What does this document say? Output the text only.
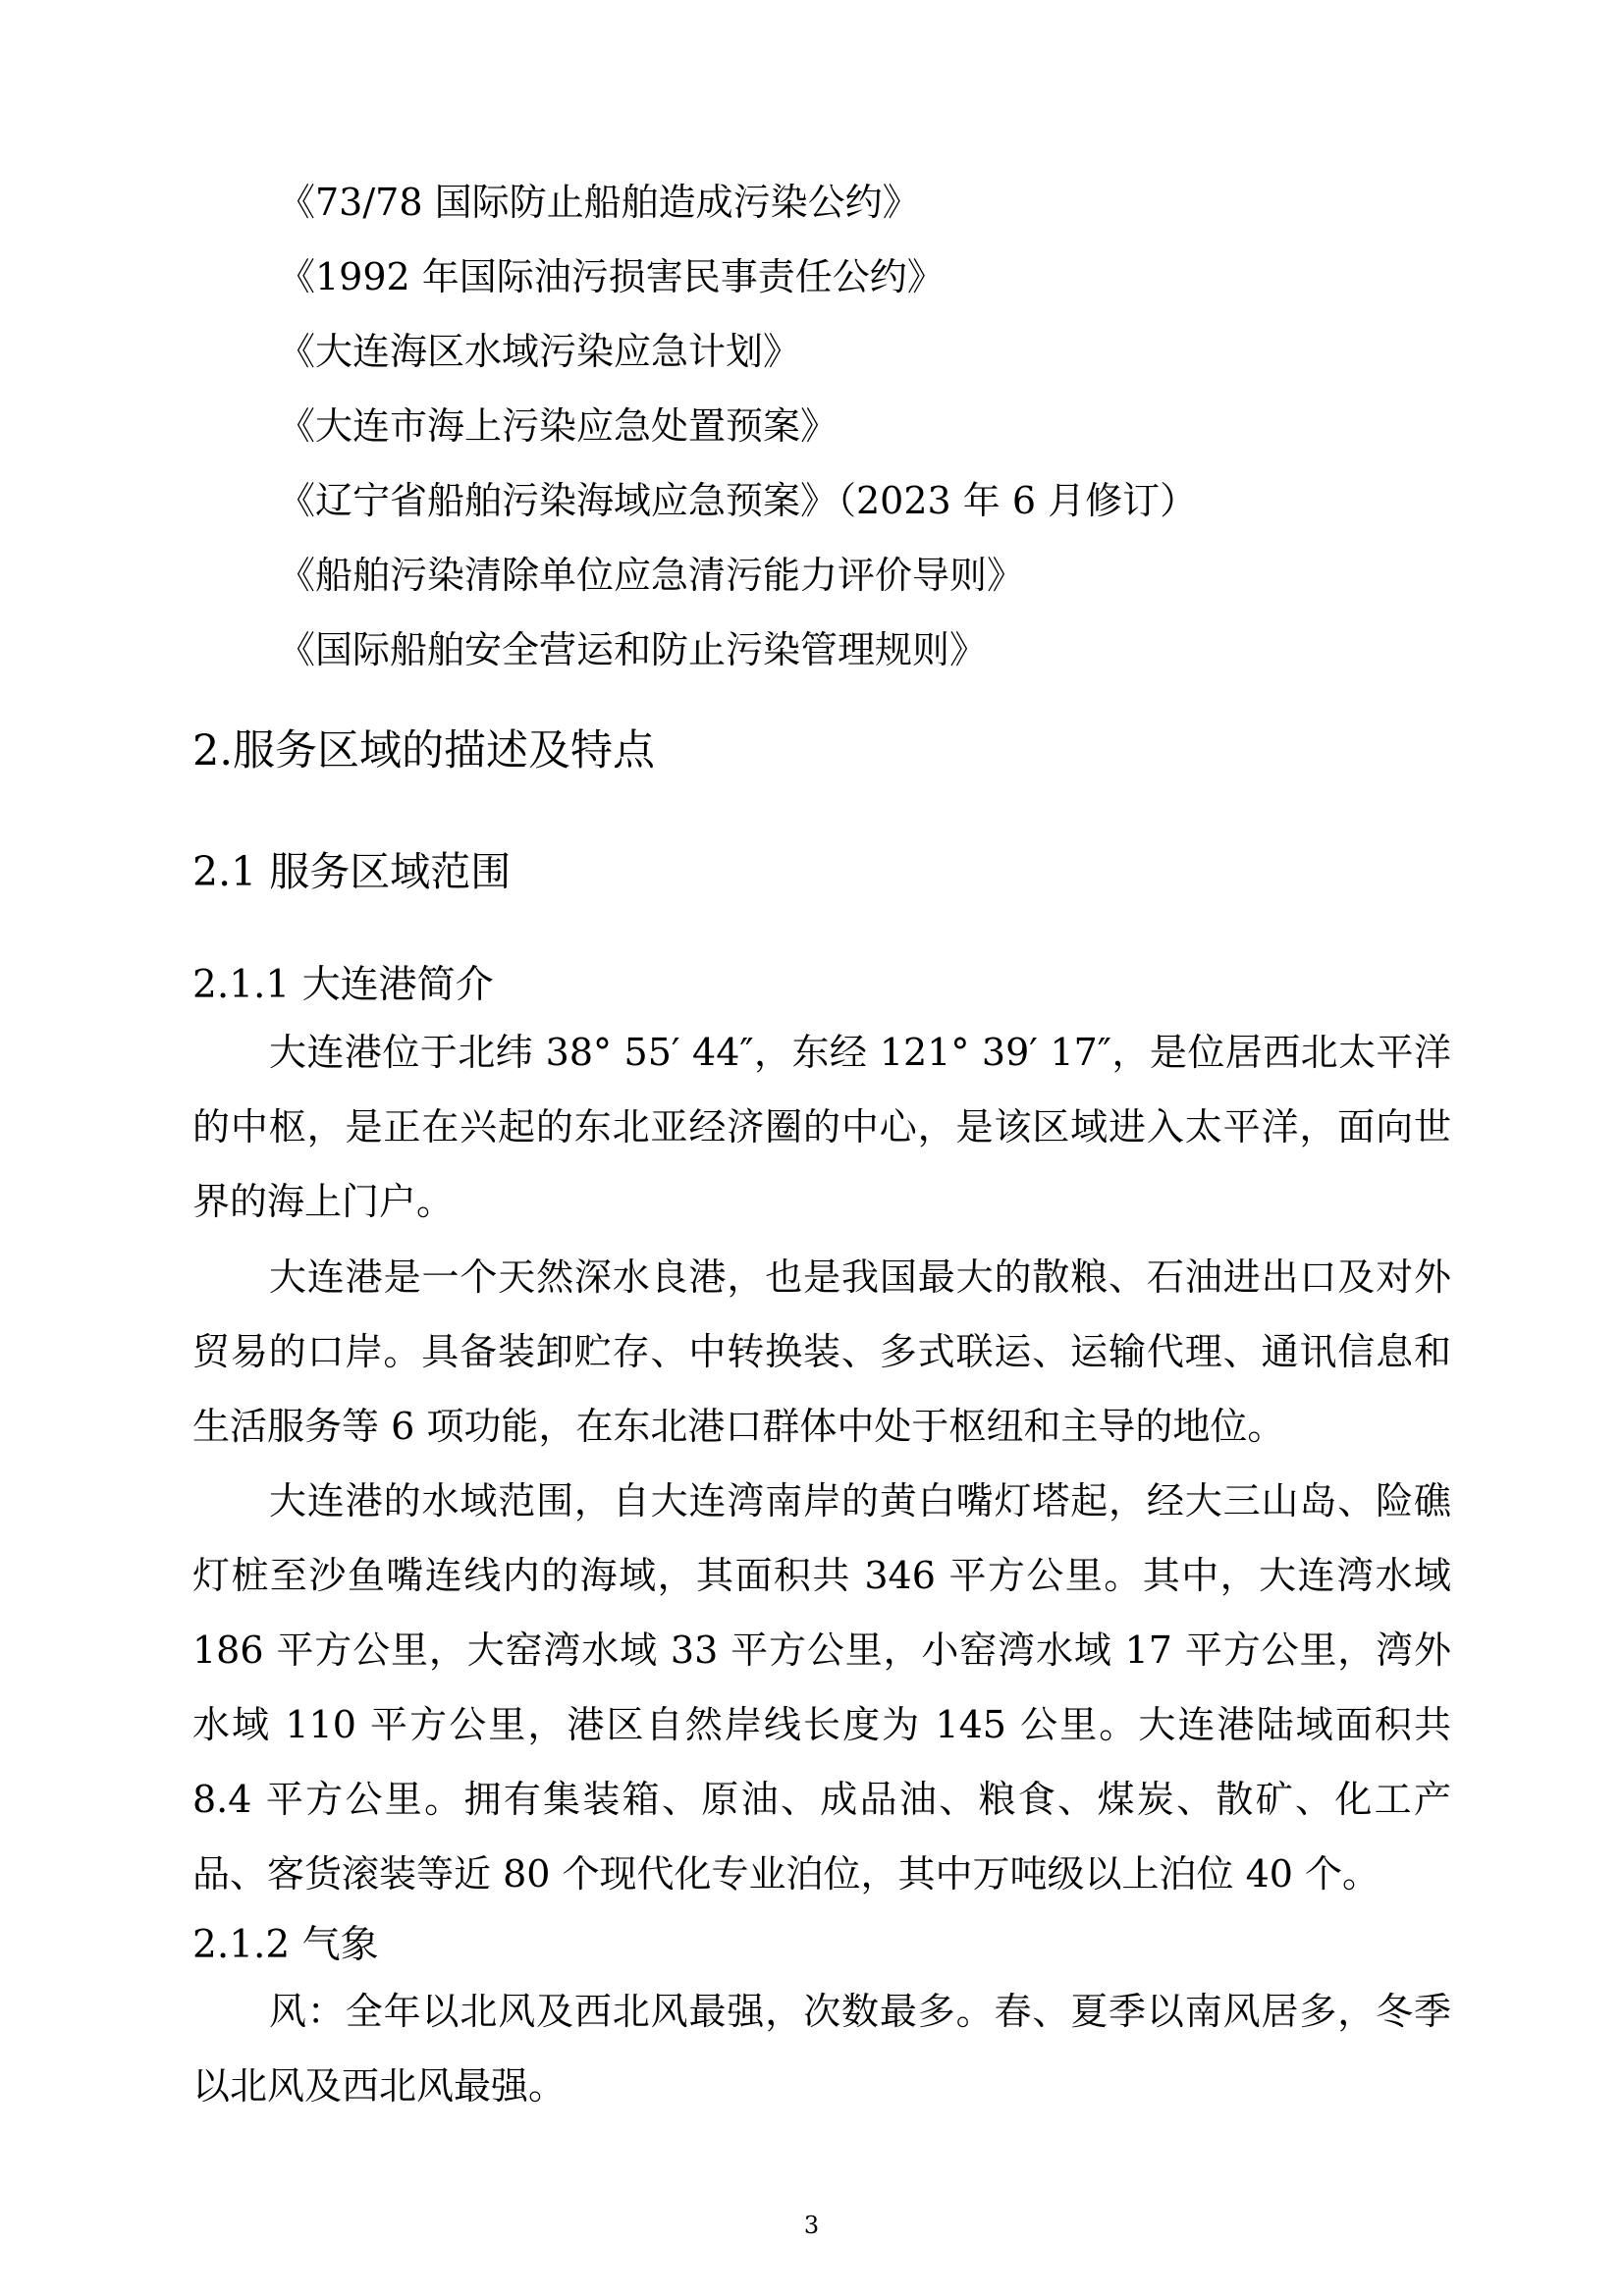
《73/78 国际防止船舶造成污染公约》
《1992 年国际油污损害民事责任公约》
《大连海区水域污染应急计划》
《大连市海上污染应急处置预案》
《辽宁省船舶污染海域应急预案》（2023 年 6 月修订）
《船舶污染清除单位应急清污能力评价导则》
《国际船舶安全营运和防止污染管理规则》
2.服务区域的描述及特点
2.1 服务区域范围
2.1.1 大连港简介

大连港位于北纬 38° 55′ 44″，东经 121° 39′ 17″，是位居西北太平洋的中枢，是正在兴起的东北亚经济圈的中心，是该区域进入太平洋，面向世界的海上门户。

大连港是一个天然深水良港，也是我国最大的散粮、石油进出口及对外贸易的口岸。具备装卸贮存、中转换装、多式联运、运输代理、通讯信息和生活服务等 6 项功能，在东北港口群体中处于枢纽和主导的地位。

大连港的水域范围，自大连湾南岸的黄白嘴灯塔起，经大三山岛、险礁灯桩至沙鱼嘴连线内的海域，其面积共 346 平方公里。其中，大连湾水域 186 平方公里，大窑湾水域 33 平方公里，小窑湾水域 17 平方公里，湾外水域 110 平方公里，港区自然岸线长度为 145 公里。大连港陆域面积共 8.4 平方公里。拥有集装箱、原油、成品油、粮食、煤炭、散矿、化工产品、客货滚装等近 80 个现代化专业泊位，其中万吨级以上泊位 40 个。

2.1.2 气象

风：全年以北风及西北风最强，次数最多。春、夏季以南风居多，冬季以北风及西北风最强。

3
